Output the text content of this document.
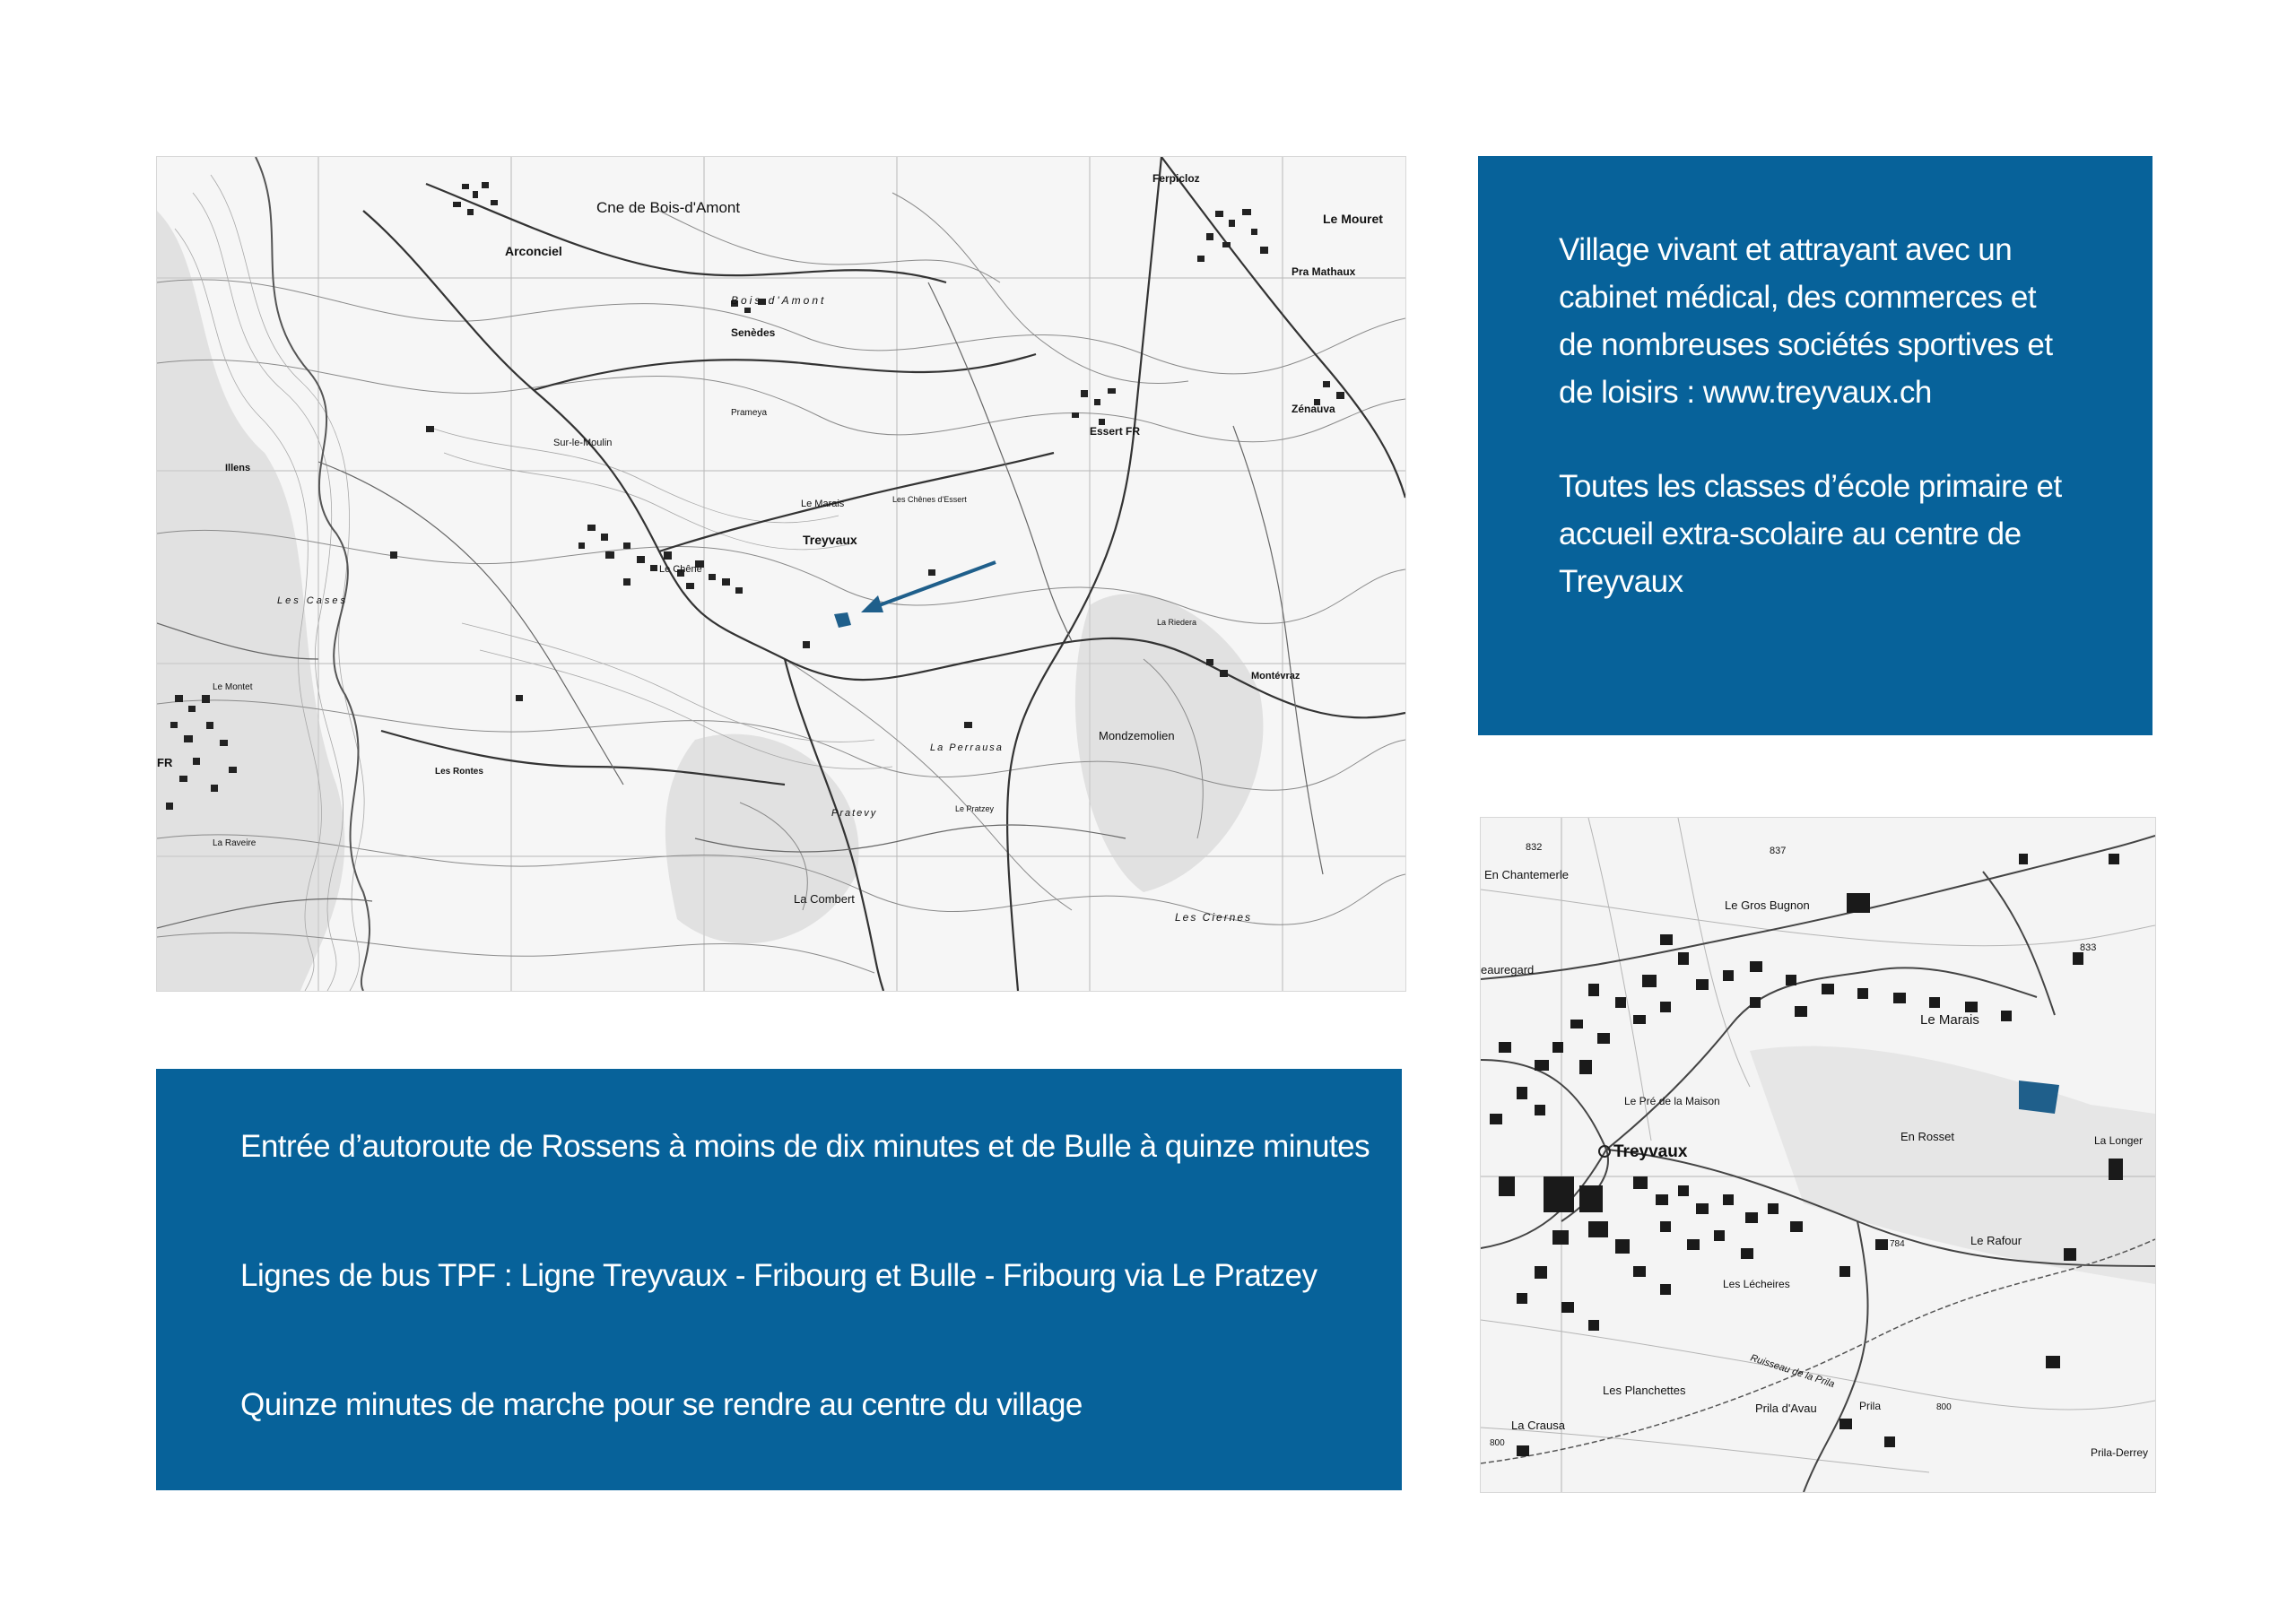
Cne de Bois-d'Amont
Arconciel
Le Mouret
Pra Mathaux
Ferpicloz
Senèdes
Essert FR
Zénauva
Bois d'Amont
Prameya
Treyvaux
Le Marais	Les Chênes d'Essert
Le Chêne
Montévraz
La Riedera
Mondzemolien
La Combert
Les Ciernes
Illens
Sur-le-Moulin
Le Montet
La Raveire
FR
Pratevy
La Perrausa
Les Rontes
Les Cases
Le Pratzey
Treyvaux
Le Marais
En Chantemerle
Le Gros Bugnon
eauregard
Le Pré de la Maison
En Rosset	La Longer
Le Rafour
Les Lécheires
Ruisseau de la Prila
Les Planchettes
Prila d'Avau	Prila
Prila-Derrey
La Crausa
832	837
833
784
800
800

Village vivant et attrayant avec un cabinet médical, des commerces et de nombreuses sociétés sportives et de loisirs : www.treyvaux.ch

Toutes les classes d’école primaire et accueil extra-scolaire au centre de Treyvaux

Entrée d’autoroute de Rossens à moins de dix minutes et de Bulle à quinze minutes

Lignes de bus TPF : Ligne Treyvaux - Fribourg et Bulle - Fribourg via Le Pratzey

Quinze minutes de marche pour se rendre au centre du village
